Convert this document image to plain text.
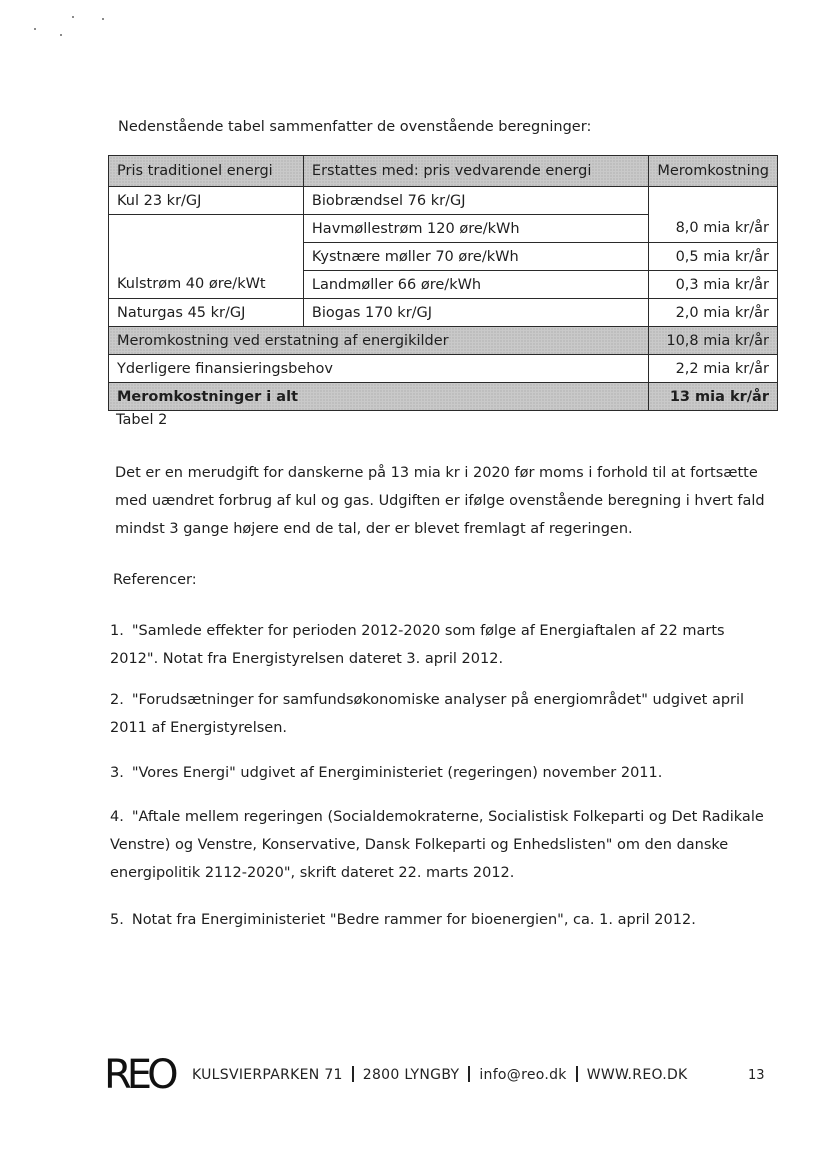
Nedenstående tabel sammenfatter de ovenstående beregninger:
Pris traditionel energi	Erstattes med: pris vedvarende energi	Meromkostning
Kul 23 kr/GJ	Biobrændsel 76 kr/GJ	
	Havmøllestrøm 120 øre/kWh	8,0 mia kr/år
	Kystnære møller 70 øre/kWh	0,5 mia kr/år
Kulstrøm 40 øre/kWt	Landmøller 66 øre/kWh	0,3 mia kr/år
Naturgas 45 kr/GJ	Biogas 170 kr/GJ	2,0 mia kr/år
Meromkostning ved erstatning af energikilder		10,8 mia kr/år
Yderligere finansieringsbehov		2,2 mia kr/år
Meromkostninger i alt		13 mia kr/år
Tabel 2
Det er en merudgift for danskerne på 13 mia kr i 2020 før moms i forhold til at fortsætte med uændret forbrug af kul og gas. Udgiften er ifølge ovenstående beregning i hvert fald mindst 3 gange højere end de tal, der er blevet fremlagt af regeringen.
Referencer:
1. "Samlede effekter for perioden 2012-2020 som følge af Energiaftalen af 22 marts 2012". Notat fra Energistyrelsen dateret 3. april 2012.
2. "Forudsætninger for samfundsøkonomiske analyser på energiområdet" udgivet april 2011 af Energistyrelsen.
3. "Vores Energi" udgivet af Energiministeriet (regeringen) november 2011.
4. "Aftale mellem regeringen (Socialdemokraterne, Socialistisk Folkeparti og Det Radikale Venstre) og Venstre, Konservative, Dansk Folkeparti og Enhedslisten" om den danske energipolitik 2112-2020", skrift dateret 22. marts 2012.
5. Notat fra Energiministeriet "Bedre rammer for bioenergien", ca. 1. april 2012.
REO KULSVIERPARKEN 71 2800 LYNGBY info@reo.dk WWW.REO.DK	13
